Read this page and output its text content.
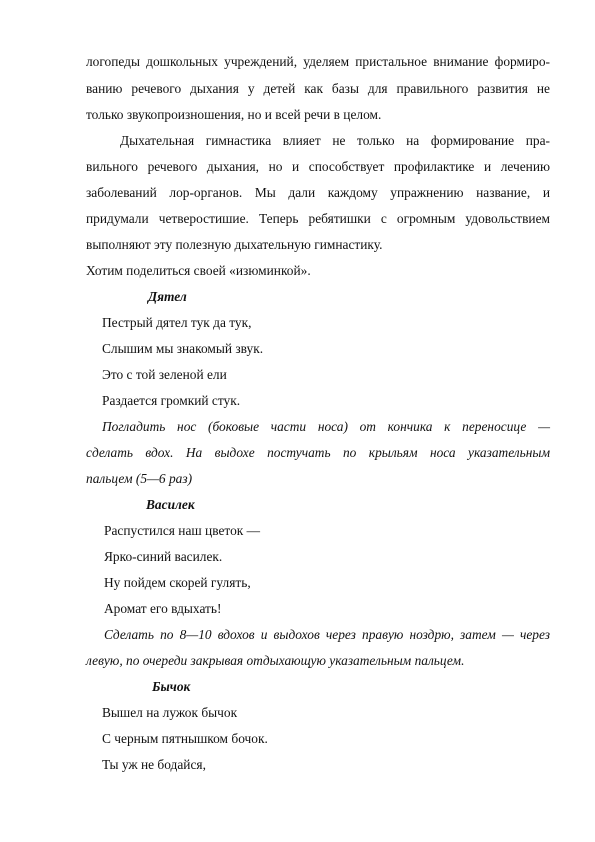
логопеды дошкольных учреждений, уделяем пристальное внимание формиро-
ванию речевого дыхания у детей как базы для правильного развития не
только звукопроизношения, но и всей речи в целом.
Дыхательная гимнастика влияет не только на формирование пра-
вильного речевого дыхания, но и способствует профилактике и лечению
заболеваний лор-органов. Мы дали каждому упражнению название, и
придумали четверостишие. Теперь ребятишки с огромным удовольствием
выполняют эту полезную дыхательную гимнастику.
Хотим поделиться своей «изюминкой».
Дятел
Пестрый дятел тук да тук,
Слышим мы знакомый звук.
Это с той зеленой ели
Раздается громкий стук.
Погладить нос (боковые части носа) от кончика к переносице —
сделать вдох. На выдохе постучать по крыльям носа указательным
пальцем (5—6 раз)
Василек
Распустился наш цветок —
Ярко-синий василек.
Ну пойдем скорей гулять,
Аромат его вдыхать!
Сделать по 8—10 вдохов и выдохов через правую ноздрю, затем — через
левую, по очереди закрывая отдыхающую указательным пальцем.
Бычок
Вышел на лужок бычок
С черным пятнышком бочок.
Ты уж не бодайся,
